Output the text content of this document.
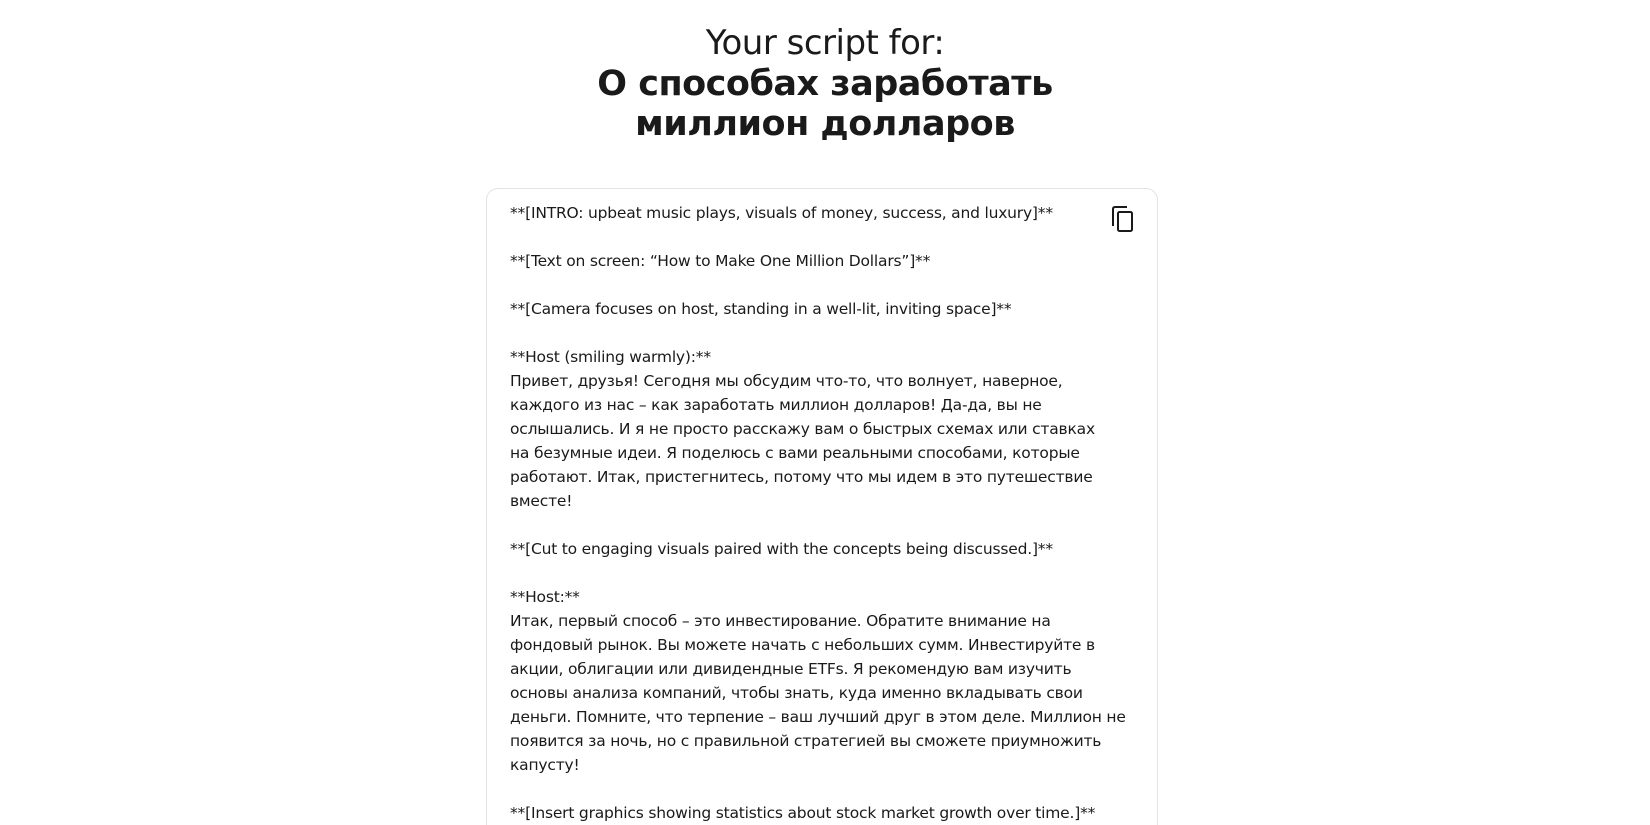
Your script for:
О способах заработать миллион долларов
**[INTRO: upbeat music plays, visuals of money, success, and luxury]**
**[Text on screen: “How to Make One Million Dollars”]**
**[Camera focuses on host, standing in a well-lit, inviting space]**
**Host (smiling warmly):**
Привет, друзья! Сегодня мы обсудим что-то, что волнует, наверное,
каждого из нас – как заработать миллион долларов! Да-да, вы не
ослышались. И я не просто расскажу вам о быстрых схемах или ставках
на безумные идеи. Я поделюсь с вами реальными способами, которые
работают. Итак, пристегнитесь, потому что мы идем в это путешествие
вместе!
**[Cut to engaging visuals paired with the concepts being discussed.]**
**Host:**
Итак, первый способ – это инвестирование. Обратите внимание на
фондовый рынок. Вы можете начать с небольших сумм. Инвестируйте в
акции, облигации или дивидендные ETFs. Я рекомендую вам изучить
основы анализа компаний, чтобы знать, куда именно вкладывать свои
деньги. Помните, что терпение – ваш лучший друг в этом деле. Миллион не
появится за ночь, но с правильной стратегией вы сможете приумножить
капусту!
**[Insert graphics showing statistics about stock market growth over time.]**
